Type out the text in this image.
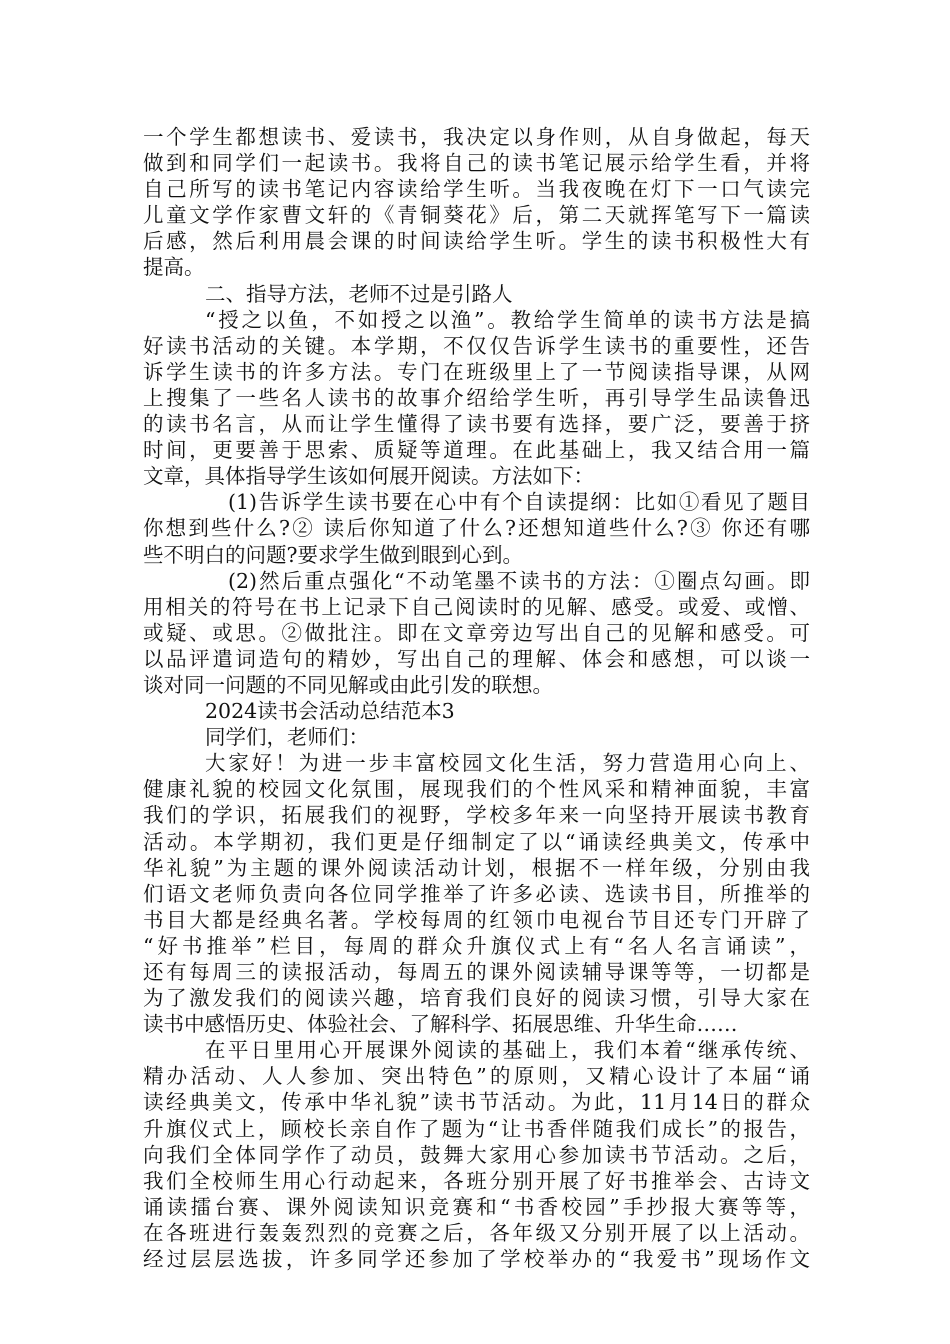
一个学生都想读书、爱读书，我决定以身作则，从自身做起，每天
做到和同学们一起读书。我将自己的读书笔记展示给学生看，并将
自己所写的读书笔记内容读给学生听。当我夜晚在灯下一口气读完
儿童文学作家曹文轩的《青铜葵花》后，第二天就挥笔写下一篇读
后感，然后利用晨会课的时间读给学生听。学生的读书积极性大有
提高。
二、指导方法，老师不过是引路人
“授之以鱼，不如授之以渔”。教给学生简单的读书方法是搞
好读书活动的关键。本学期，不仅仅告诉学生读书的重要性，还告
诉学生读书的许多方法。专门在班级里上了一节阅读指导课，从网
上搜集了一些名人读书的故事介绍给学生听，再引导学生品读鲁迅
的读书名言，从而让学生懂得了读书要有选择，要广泛，要善于挤
时间，更要善于思索、质疑等道理。在此基础上，我又结合用一篇
文章，具体指导学生该如何展开阅读。方法如下：
(1)告诉学生读书要在心中有个自读提纲：比如①看见了题目
你想到些什么?② 读后你知道了什么?还想知道些什么?③ 你还有哪
些不明白的问题?要求学生做到眼到心到。
(2)然后重点强化“不动笔墨不读书的方法：①圈点勾画。即
用相关的符号在书上记录下自己阅读时的见解、感受。或爱、或憎、
或疑、或思。②做批注。即在文章旁边写出自己的见解和感受。可
以品评遣词造句的精妙，写出自己的理解、体会和感想，可以谈一
谈对同一问题的不同见解或由此引发的联想。
2024读书会活动总结范本3
同学们，老师们：
大家好！为进一步丰富校园文化生活，努力营造用心向上、
健康礼貌的校园文化氛围，展现我们的个性风采和精神面貌，丰富
我们的学识，拓展我们的视野，学校多年来一向坚持开展读书教育
活动。本学期初，我们更是仔细制定了以“诵读经典美文，传承中
华礼貌”为主题的课外阅读活动计划，根据不一样年级，分别由我
们语文老师负责向各位同学推举了许多必读、选读书目，所推举的
书目大都是经典名著。学校每周的红领巾电视台节目还专门开辟了
“好书推举”栏目，每周的群众升旗仪式上有“名人名言诵读”，
还有每周三的读报活动，每周五的课外阅读辅导课等等，一切都是
为了激发我们的阅读兴趣，培育我们良好的阅读习惯，引导大家在
读书中感悟历史、体验社会、了解科学、拓展思维、升华生命……
在平日里用心开展课外阅读的基础上，我们本着“继承传统、
精办活动、人人参加、突出特色”的原则，又精心设计了本届“诵
读经典美文，传承中华礼貌”读书节活动。为此，11月14日的群众
升旗仪式上，顾校长亲自作了题为“让书香伴随我们成长”的报告，
向我们全体同学作了动员，鼓舞大家用心参加读书节活动。之后，
我们全校师生用心行动起来，各班分别开展了好书推举会、古诗文
诵读擂台赛、课外阅读知识竞赛和“书香校园”手抄报大赛等等，
在各班进行轰轰烈烈的竞赛之后，各年级又分别开展了以上活动。
经过层层选拔，许多同学还参加了学校举办的“我爱书”现场作文
